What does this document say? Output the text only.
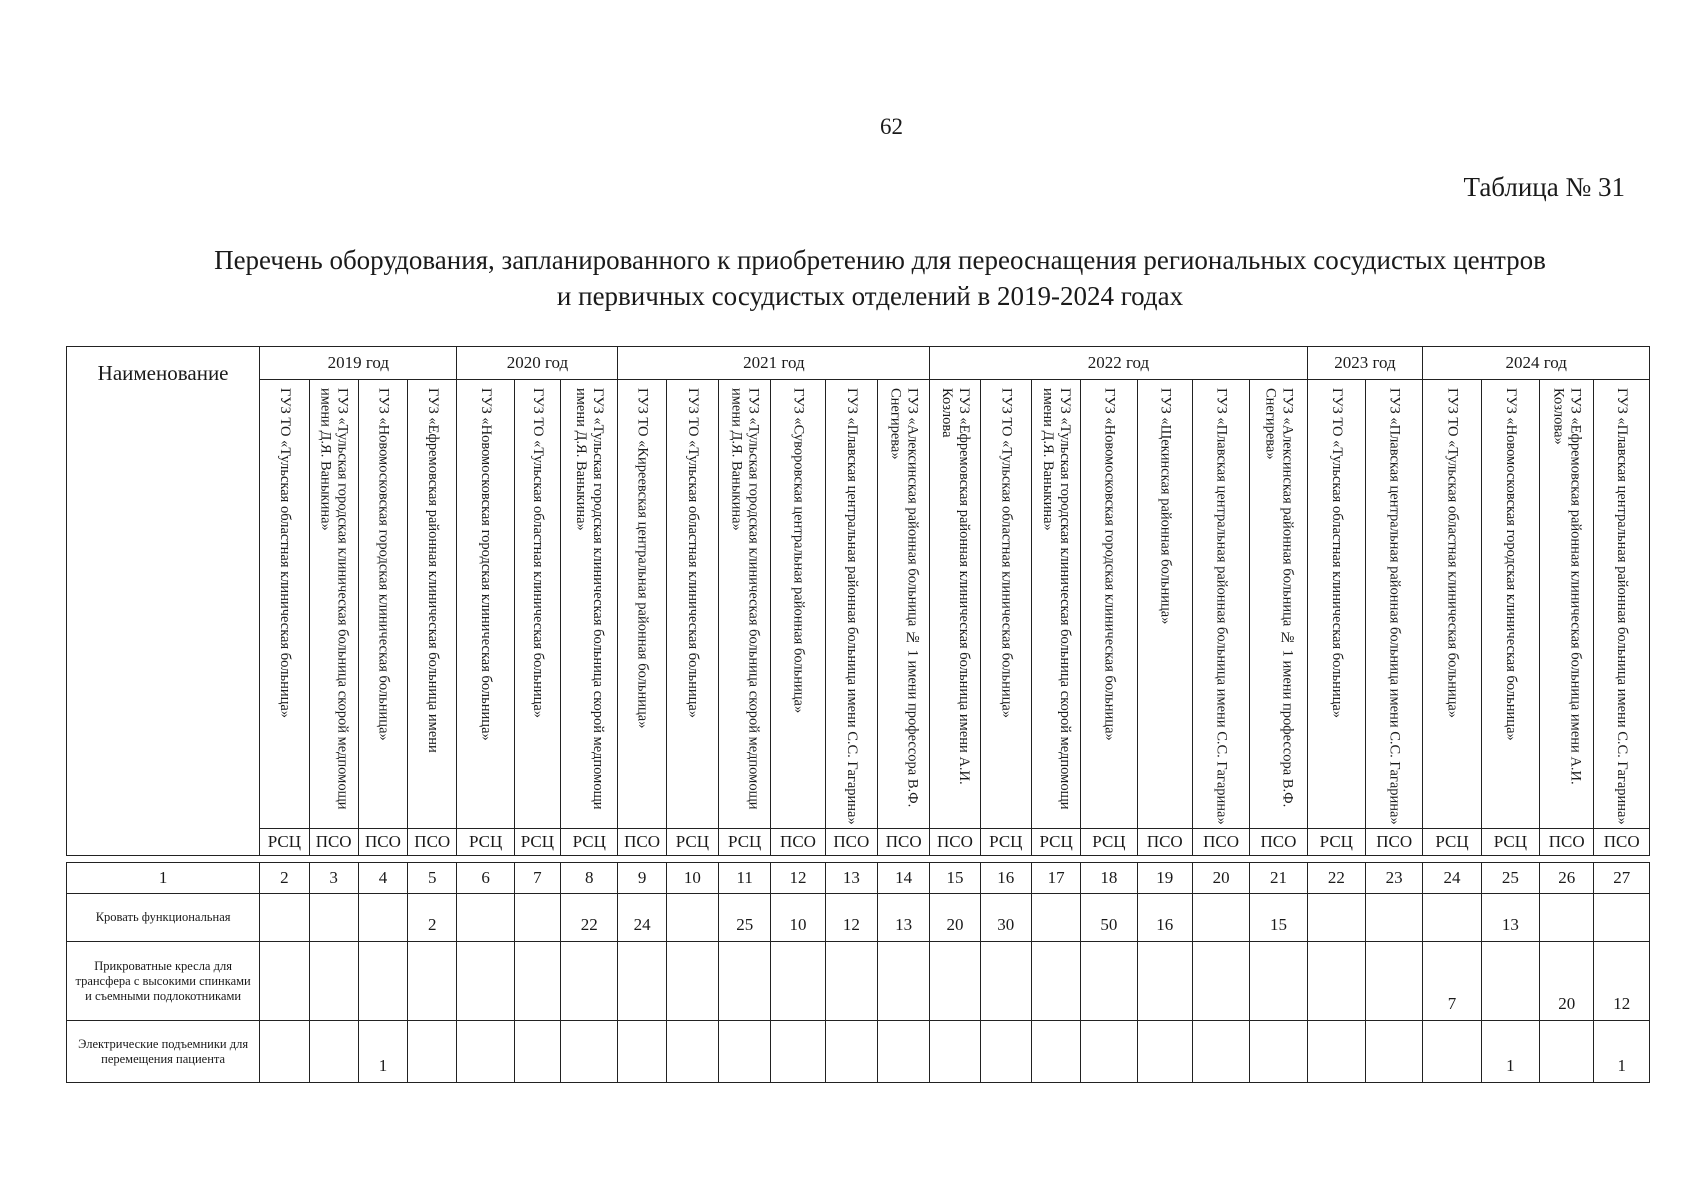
62
Таблица № 31
Перечень оборудования, запланированного к приобретению для переоснащения региональных сосудистых центров
и первичных сосудистых отделений в 2019-2024 годах
Наименование	2019 год				2020 год			2021 год						2022 год							2023 год		2024 год			

	ГУЗ ТО «Тульская областная клиническая больница»	ГУЗ «Тульская городская клиническая больница скорой медпомощи имени Д.Я. Ваныкина»	ГУЗ «Новомосковская городская клиническая больница»	ГУЗ «Ефремовская районная клиническая больница имени	ГУЗ «Новомосковская городская клиническая больница»	ГУЗ ТО «Тульская областная клиническая больница»	ГУЗ «Тульская городская клиническая больница скорой медпомощи имени Д.Я. Ваныкина»	ГУЗ ТО «Киреевская центральная районная больница»	ГУЗ ТО «Тульская областная клиническая больница»	ГУЗ «Тульская городская клиническая больница скорой медпомощи имени Д.Я. Ваныкина»	ГУЗ «Суворовская центральная районная больница»	ГУЗ «Плавская центральная районная больница имени С.С. Гагарина»	ГУЗ «Алексинская районная больница № 1 имени профессора В.Ф. Снегирева»	ГУЗ «Ефремовская районная клиническая больница имени А.И. Козлова	ГУЗ ТО «Тульская областная клиническая больница»	ГУЗ «Тульская городская клиническая больница скорой медпомощи имени Д.Я. Ваныкина»	ГУЗ «Новомосковская городская клиническая больница»	ГУЗ «Щекинская районная больница»	ГУЗ «Плавская центральная районная больница имени С.С. Гагарина»	ГУЗ «Алексинская районная больница № 1 имени профессора В.Ф. Снегирева»	ГУЗ ТО «Тульская областная клиническая больница»	ГУЗ «Плавская центральная районная больница имени С.С. Гагарина»	ГУЗ ТО «Тульская областная клиническая больница»	ГУЗ «Новомосковская городская клиническая больница»	ГУЗ «Ефремовская районная клиническая больница имени А.И. Козлова»	ГУЗ «Плавская центральная районная больница имени С.С. Гагарина»

	РСЦ	ПСО	ПСО	ПСО	РСЦ	РСЦ	РСЦ	ПСО	РСЦ	РСЦ	ПСО	ПСО	ПСО	ПСО	РСЦ	РСЦ	РСЦ	ПСО	ПСО	ПСО	РСЦ	ПСО	РСЦ	РСЦ	ПСО	ПСО

1	2	3	4	5	6	7	8	9	10	11	12	13	14	15	16	17	18	19	20	21	22	23	24	25	26	27
Кровать функциональная				2			22	24		25	10	12	13	20	30		50	16		15				13		
Прикроватные кресла для трансфера с высокими спинками и съемными подлокотниками																							7		20	12
Электрические подъемники для перемещения пациента			1																					1		1
